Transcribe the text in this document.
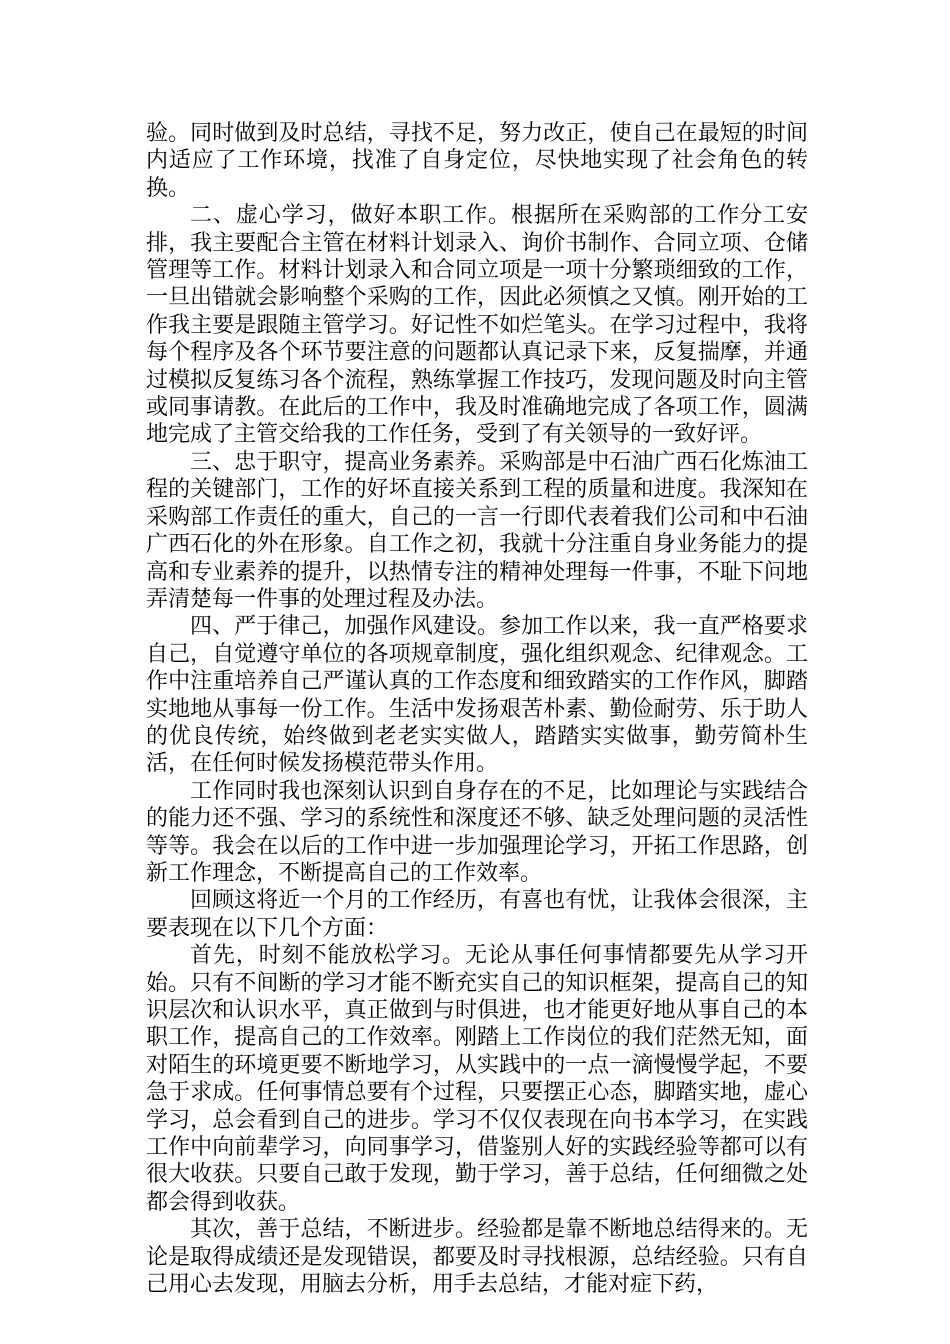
验。同时做到及时总结，寻找不足，努力改正，使自己在最短的时间内适应了工作环境，找准了自身定位，尽快地实现了社会角色的转换。

二、虚心学习，做好本职工作。根据所在采购部的工作分工安排，我主要配合主管在材料计划录入、询价书制作、合同立项、仓储管理等工作。材料计划录入和合同立项是一项十分繁琐细致的工作，一旦出错就会影响整个采购的工作，因此必须慎之又慎。刚开始的工作我主要是跟随主管学习。好记性不如烂笔头。在学习过程中，我将每个程序及各个环节要注意的问题都认真记录下来，反复揣摩，并通过模拟反复练习各个流程，熟练掌握工作技巧，发现问题及时向主管或同事请教。在此后的工作中，我及时准确地完成了各项工作，圆满地完成了主管交给我的工作任务，受到了有关领导的一致好评。

三、忠于职守，提高业务素养。采购部是中石油广西石化炼油工程的关键部门，工作的好坏直接关系到工程的质量和进度。我深知在采购部工作责任的重大，自己的一言一行即代表着我们公司和中石油广西石化的外在形象。自工作之初，我就十分注重自身业务能力的提高和专业素养的提升，以热情专注的精神处理每一件事，不耻下问地弄清楚每一件事的处理过程及办法。

四、严于律己，加强作风建设。参加工作以来，我一直严格要求自己，自觉遵守单位的各项规章制度，强化组织观念、纪律观念。工作中注重培养自己严谨认真的工作态度和细致踏实的工作作风，脚踏实地地从事每一份工作。生活中发扬艰苦朴素、勤俭耐劳、乐于助人的优良传统，始终做到老老实实做人，踏踏实实做事，勤劳简朴生活，在任何时候发扬模范带头作用。

工作同时我也深刻认识到自身存在的不足，比如理论与实践结合的能力还不强、学习的系统性和深度还不够、缺乏处理问题的灵活性等等。我会在以后的工作中进一步加强理论学习，开拓工作思路，创新工作理念，不断提高自己的工作效率。

回顾这将近一个月的工作经历，有喜也有忧，让我体会很深，主要表现在以下几个方面：

首先，时刻不能放松学习。无论从事任何事情都要先从学习开始。只有不间断的学习才能不断充实自己的知识框架，提高自己的知识层次和认识水平，真正做到与时俱进，也才能更好地从事自己的本职工作，提高自己的工作效率。刚踏上工作岗位的我们茫然无知，面对陌生的环境更要不断地学习，从实践中的一点一滴慢慢学起，不要急于求成。任何事情总要有个过程，只要摆正心态，脚踏实地，虚心学习，总会看到自己的进步。学习不仅仅表现在向书本学习，在实践工作中向前辈学习，向同事学习，借鉴别人好的实践经验等都可以有很大收获。只要自己敢于发现，勤于学习，善于总结，任何细微之处都会得到收获。

其次，善于总结，不断进步。经验都是靠不断地总结得来的。无论是取得成绩还是发现错误，都要及时寻找根源，总结经验。只有自己用心去发现，用脑去分析，用手去总结，才能对症下药，
